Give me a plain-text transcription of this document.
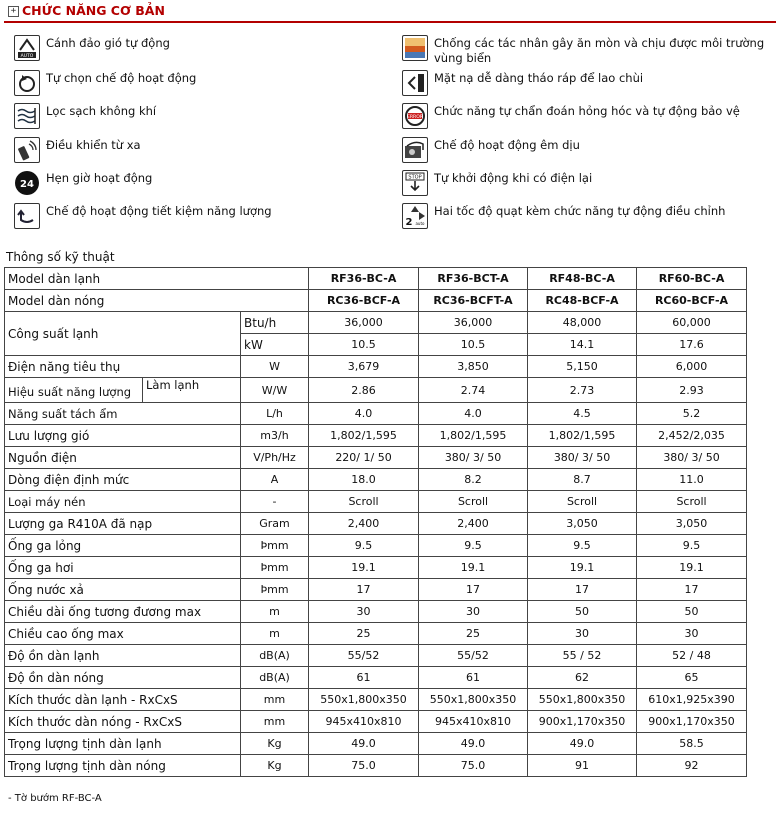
+ CHỨC NĂNG CƠ BẢN
AUTO
Cánh đảo gió tự động
Tự chọn chế độ hoạt động
Lọc sạch không khí
Điều khiển từ xa
24 Hẹn giờ hoạt động
Chế độ hoạt động tiết kiệm năng lượng
Chống các tác nhân gây ăn mòn và chịu được môi trường vùng biển
Mặt nạ dễ dàng tháo ráp để lao chùi
ERROR Chức năng tự chẩn đoán hỏng hóc và tự động bảo vệ
Chế độ hoạt động êm dịu
STOP Tự khởi động khi có điện lại
2 auto
Hai tốc độ quạt kèm chức năng tự động điều chỉnh
Thông số kỹ thuật
Model dàn lạnh		RF36-BC-A	RF36-BCT-A	RF48-BC-A	RF60-BC-A
Model dàn nóng		RC36-BCF-A	RC36-BCFT-A	RC48-BCF-A	RC60-BCF-A
Công suất lạnh	Btu/h	36,000	36,000	48,000	60,000
	kW	10.5	10.5	14.1	17.6
Điện năng tiêu thụ	W	3,679	3,850	5,150	6,000

Hiệu suất năng lượng Làm lạnh	W/W	2.86	2.74	2.73	2.93
Năng suất tách ẩm	L/h	4.0	4.0	4.5	5.2
Lưu lượng gió	m3/h	1,802/1,595	1,802/1,595	1,802/1,595	2,452/2,035
Nguồn điện	V/Ph/Hz	220/ 1/ 50	380/ 3/ 50	380/ 3/ 50	380/ 3/ 50
Dòng điện định mức	A	18.0	8.2	8.7	11.0
Loại máy nén	-	Scroll	Scroll	Scroll	Scroll
Lượng ga R410A đã nạp	Gram	2,400	2,400	3,050	3,050
Ống ga lỏng	Þmm	9.5	9.5	9.5	9.5
Ống ga hơi	Þmm	19.1	19.1	19.1	19.1
Ống nước xả	Þmm	17	17	17	17
Chiều dài ống tương đương max	m	30	30	50	50
Chiều cao ống max	m	25	25	30	30
Độ ồn dàn lạnh	dB(A)	55/52	55/52	55 / 52	52 / 48
Độ ồn dàn nóng	dB(A)	61	61	62	65
Kích thước dàn lạnh - RxCxS	mm	550x1,800x350	550x1,800x350	550x1,800x350	610x1,925x390
Kích thước dàn nóng - RxCxS	mm	945x410x810	945x410x810	900x1,170x350	900x1,170x350
Trọng lượng tịnh dàn lạnh	Kg	49.0	49.0	49.0	58.5
Trọng lượng tịnh dàn nóng	Kg	75.0	75.0	91	92
- Tờ bướm RF-BC-A
